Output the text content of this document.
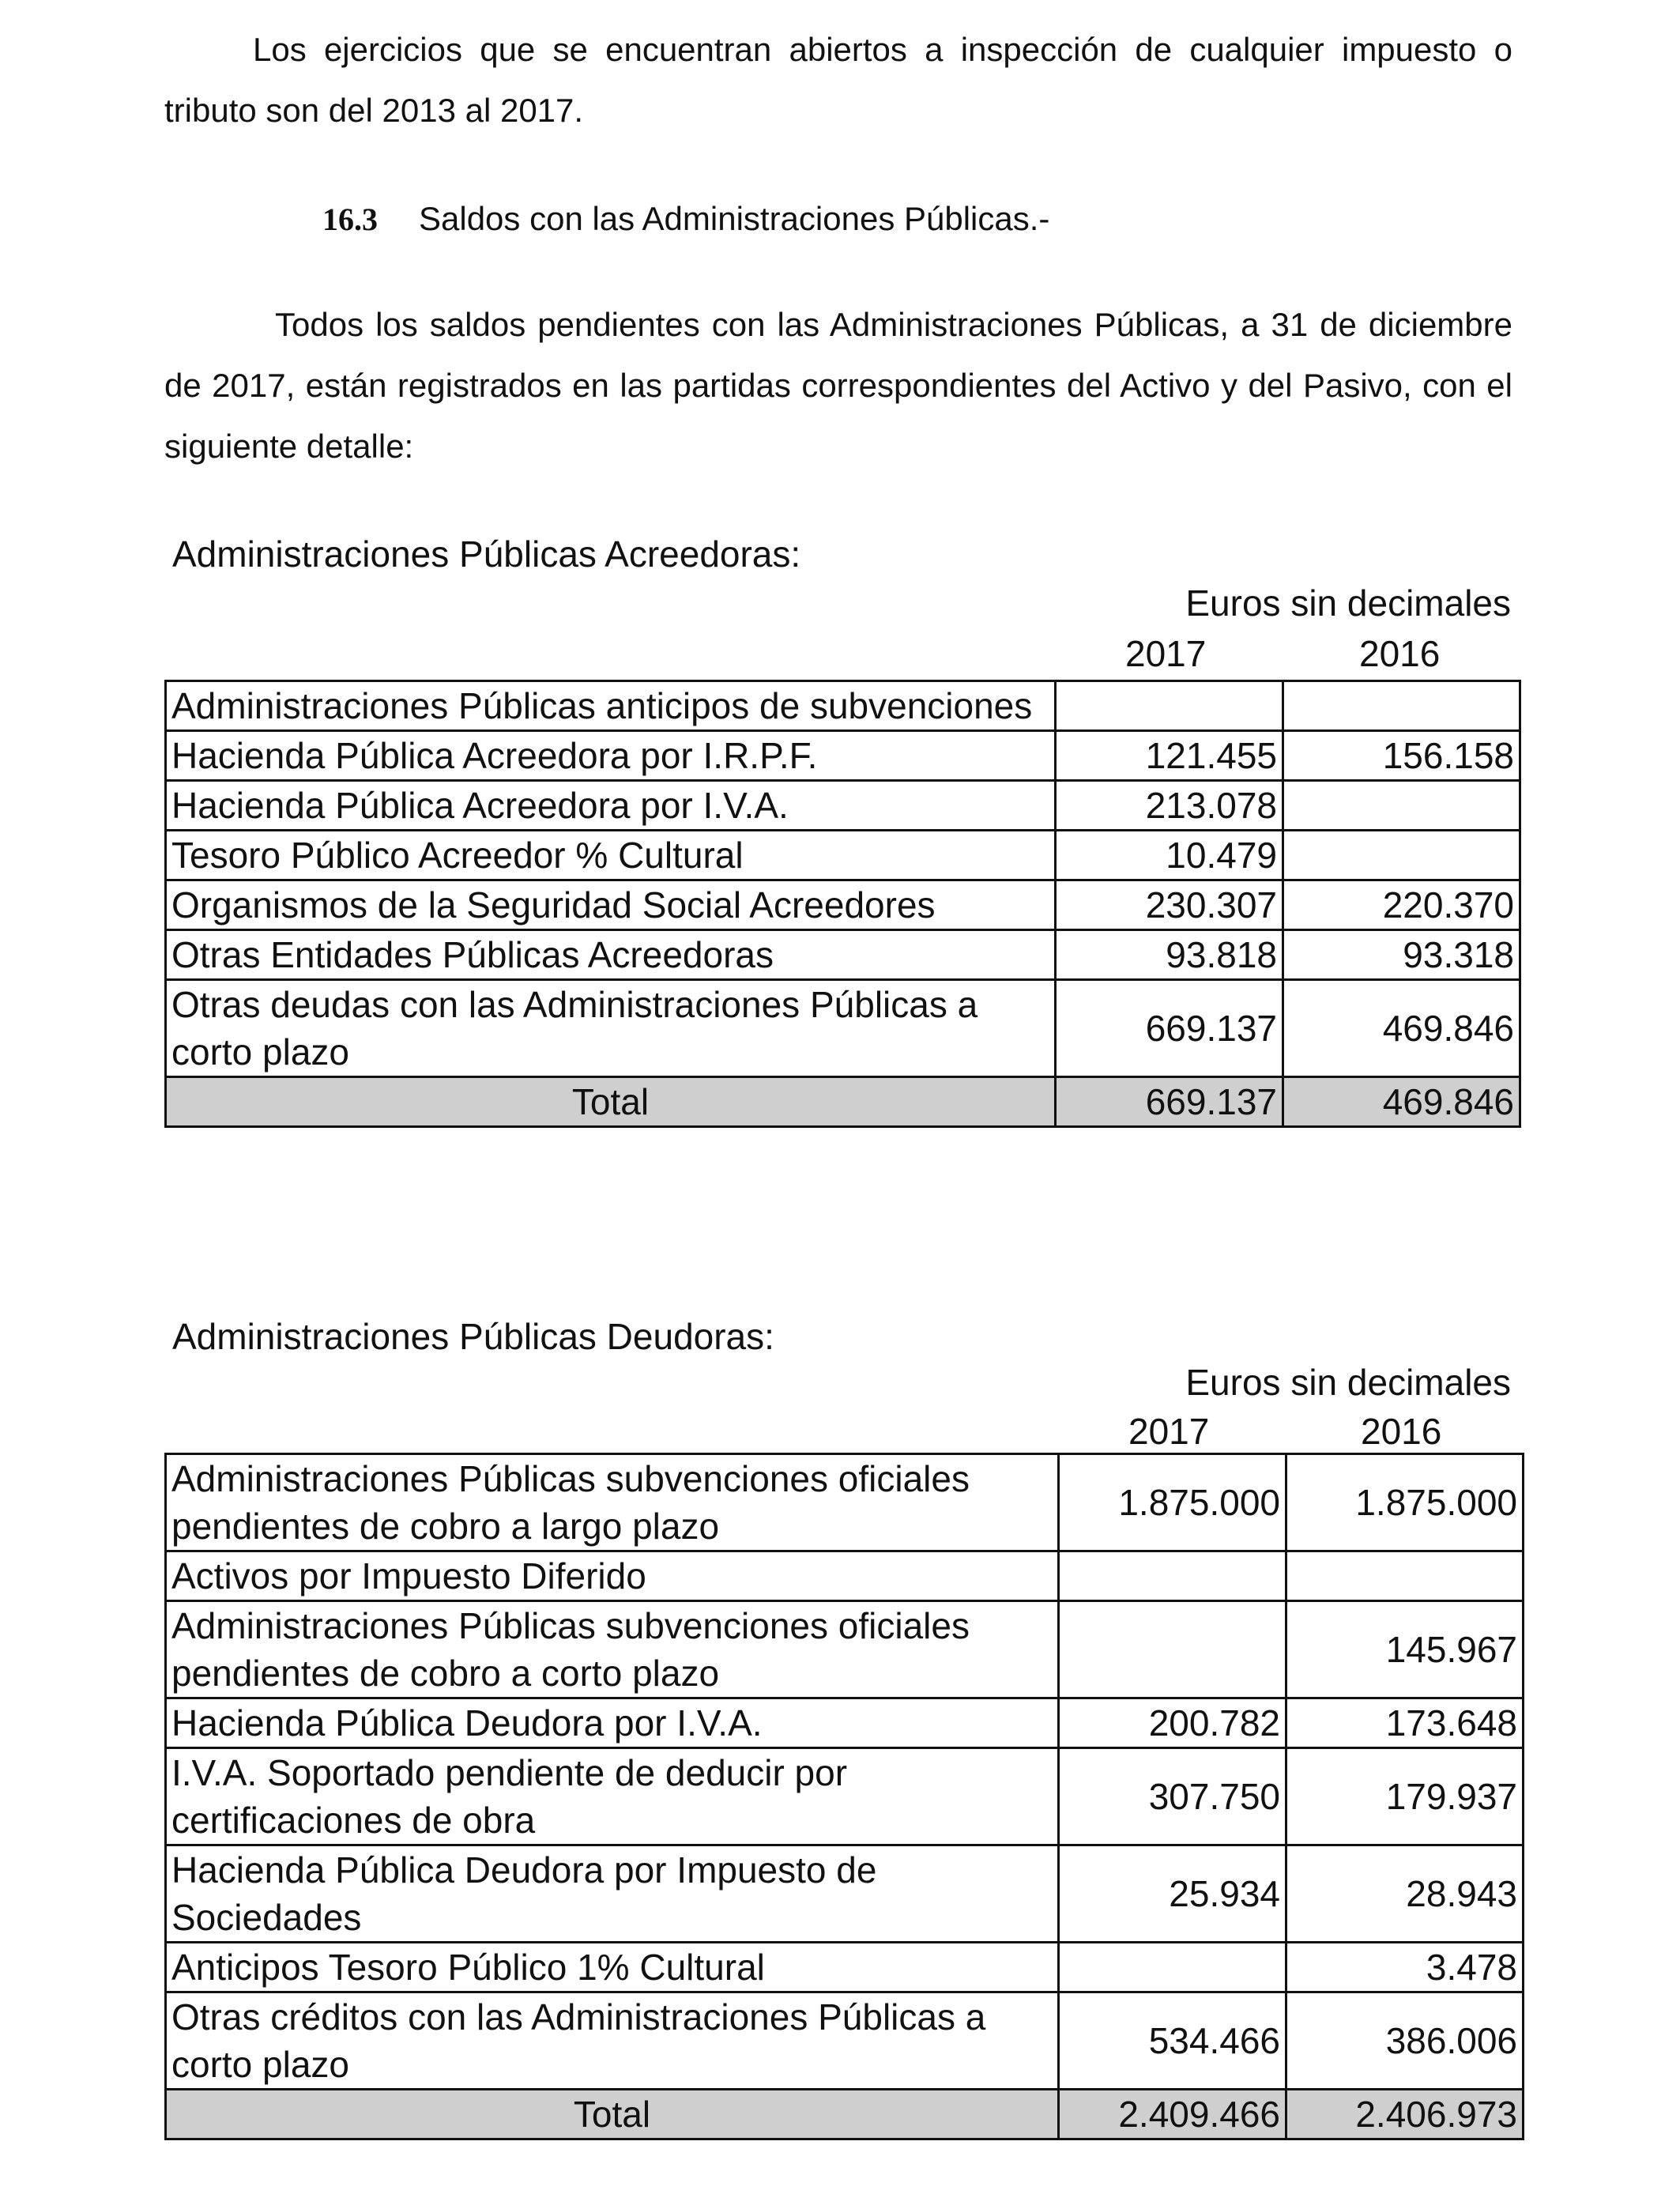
Los ejercicios que se encuentran abiertos a inspección de cualquier impuesto o tributo son del 2013 al 2017.

16.3 Saldos con las Administraciones Públicas.-

Todos los saldos pendientes con las Administraciones Públicas, a 31 de diciembre de 2017, están registrados en las partidas correspondientes del Activo y del Pasivo, con el siguiente detalle:

Administraciones Públicas Acreedoras:
Euros sin decimales
2017	2016
Administraciones Públicas anticipos de subvenciones		
Hacienda Pública Acreedora por I.R.P.F.	121.455	156.158
Hacienda Pública Acreedora por I.V.A.	213.078	
Tesoro Público Acreedor % Cultural	10.479	
Organismos de la Seguridad Social Acreedores	230.307	220.370
Otras Entidades Públicas Acreedoras	93.818	93.318
Otras deudas con las Administraciones Públicas a corto plazo	669.137	469.846
Total	669.137	469.846
Administraciones Públicas Deudoras:
Euros sin decimales
2017	2016
Administraciones Públicas subvenciones oficiales pendientes de cobro a largo plazo	1.875.000	1.875.000
Activos por Impuesto Diferido		
Administraciones Públicas subvenciones oficiales pendientes de cobro a corto plazo		145.967
Hacienda Pública Deudora por I.V.A.	200.782	173.648
I.V.A. Soportado pendiente de deducir por certificaciones de obra	307.750	179.937
Hacienda Pública Deudora por Impuesto de Sociedades	25.934	28.943
Anticipos Tesoro Público 1% Cultural		3.478
Otras créditos con las Administraciones Públicas a corto plazo	534.466	386.006
Total	2.409.466	2.406.973
